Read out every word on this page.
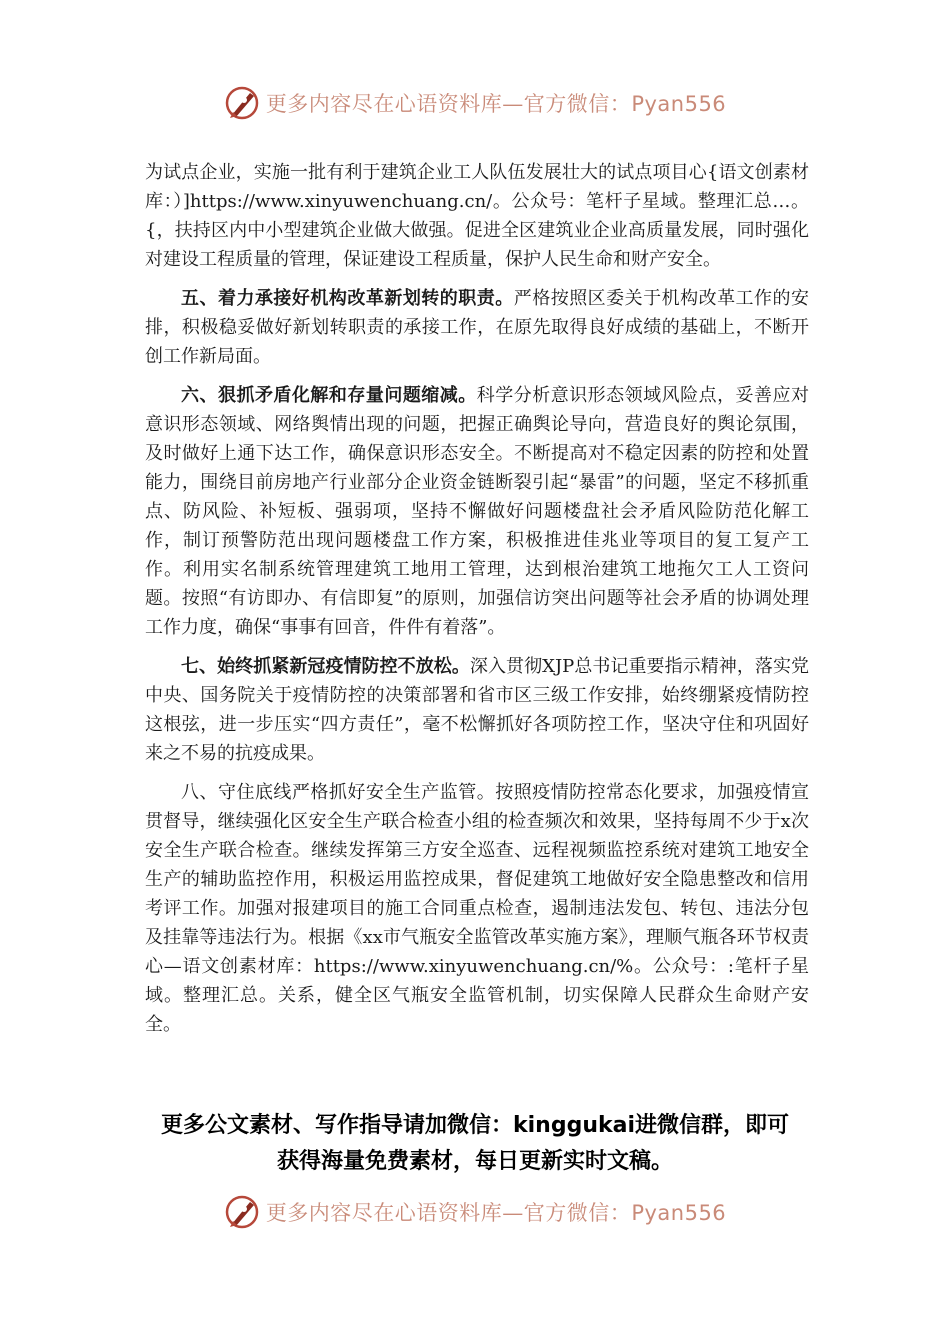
更多内容尽在心语资料库—官方微信：Pyan556

为试点企业，实施一批有利于建筑企业工人队伍发展壮大的试点项目心{语文创素材库：）]https://www.xinyuwenchuang.cn/。公众号：笔杆子星域。整理汇总…。{，扶持区内中小型建筑企业做大做强。促进全区建筑业企业高质量发展，同时强化对建设工程质量的管理，保证建设工程质量，保护人民生命和财产安全。

五、着力承接好机构改革新划转的职责。严格按照区委关于机构改革工作的安排，积极稳妥做好新划转职责的承接工作，在原先取得良好成绩的基础上，不断开创工作新局面。

六、狠抓矛盾化解和存量问题缩减。科学分析意识形态领域风险点，妥善应对意识形态领域、网络舆情出现的问题，把握正确舆论导向，营造良好的舆论氛围，及时做好上通下达工作，确保意识形态安全。不断提高对不稳定因素的防控和处置能力，围绕目前房地产行业部分企业资金链断裂引起“暴雷”的问题，坚定不移抓重点、防风险、补短板、强弱项，坚持不懈做好问题楼盘社会矛盾风险防范化解工作，制订预警防范出现问题楼盘工作方案，积极推进佳兆业等项目的复工复产工作。利用实名制系统管理建筑工地用工管理，达到根治建筑工地拖欠工人工资问题。按照“有访即办、有信即复”的原则，加强信访突出问题等社会矛盾的协调处理工作力度，确保“事事有回音，件件有着落”。

七、始终抓紧新冠疫情防控不放松。深入贯彻XJP总书记重要指示精神，落实党中央、国务院关于疫情防控的决策部署和省市区三级工作安排，始终绷紧疫情防控这根弦，进一步压实“四方责任”，毫不松懈抓好各项防控工作，坚决守住和巩固好来之不易的抗疫成果。

八、守住底线严格抓好安全生产监管。按照疫情防控常态化要求，加强疫情宣贯督导，继续强化区安全生产联合检查小组的检查频次和效果，坚持每周不少于x次安全生产联合检查。继续发挥第三方安全巡查、远程视频监控系统对建筑工地安全生产的辅助监控作用，积极运用监控成果，督促建筑工地做好安全隐患整改和信用考评工作。加强对报建项目的施工合同重点检查，遏制违法发包、转包、违法分包及挂靠等违法行为。根据《xx市气瓶安全监管改革实施方案》，理顺气瓶各环节权责心—语文创素材库：https://www.xinyuwenchuang.cn/%。公众号：:笔杆子星域。整理汇总。关系，健全区气瓶安全监管机制，切实保障人民群众生命财产安全。

更多公文素材、写作指导请加微信：kinggukai进微信群，即可
获得海量免费素材，每日更新实时文稿。
更多内容尽在心语资料库—官方微信：Pyan556
